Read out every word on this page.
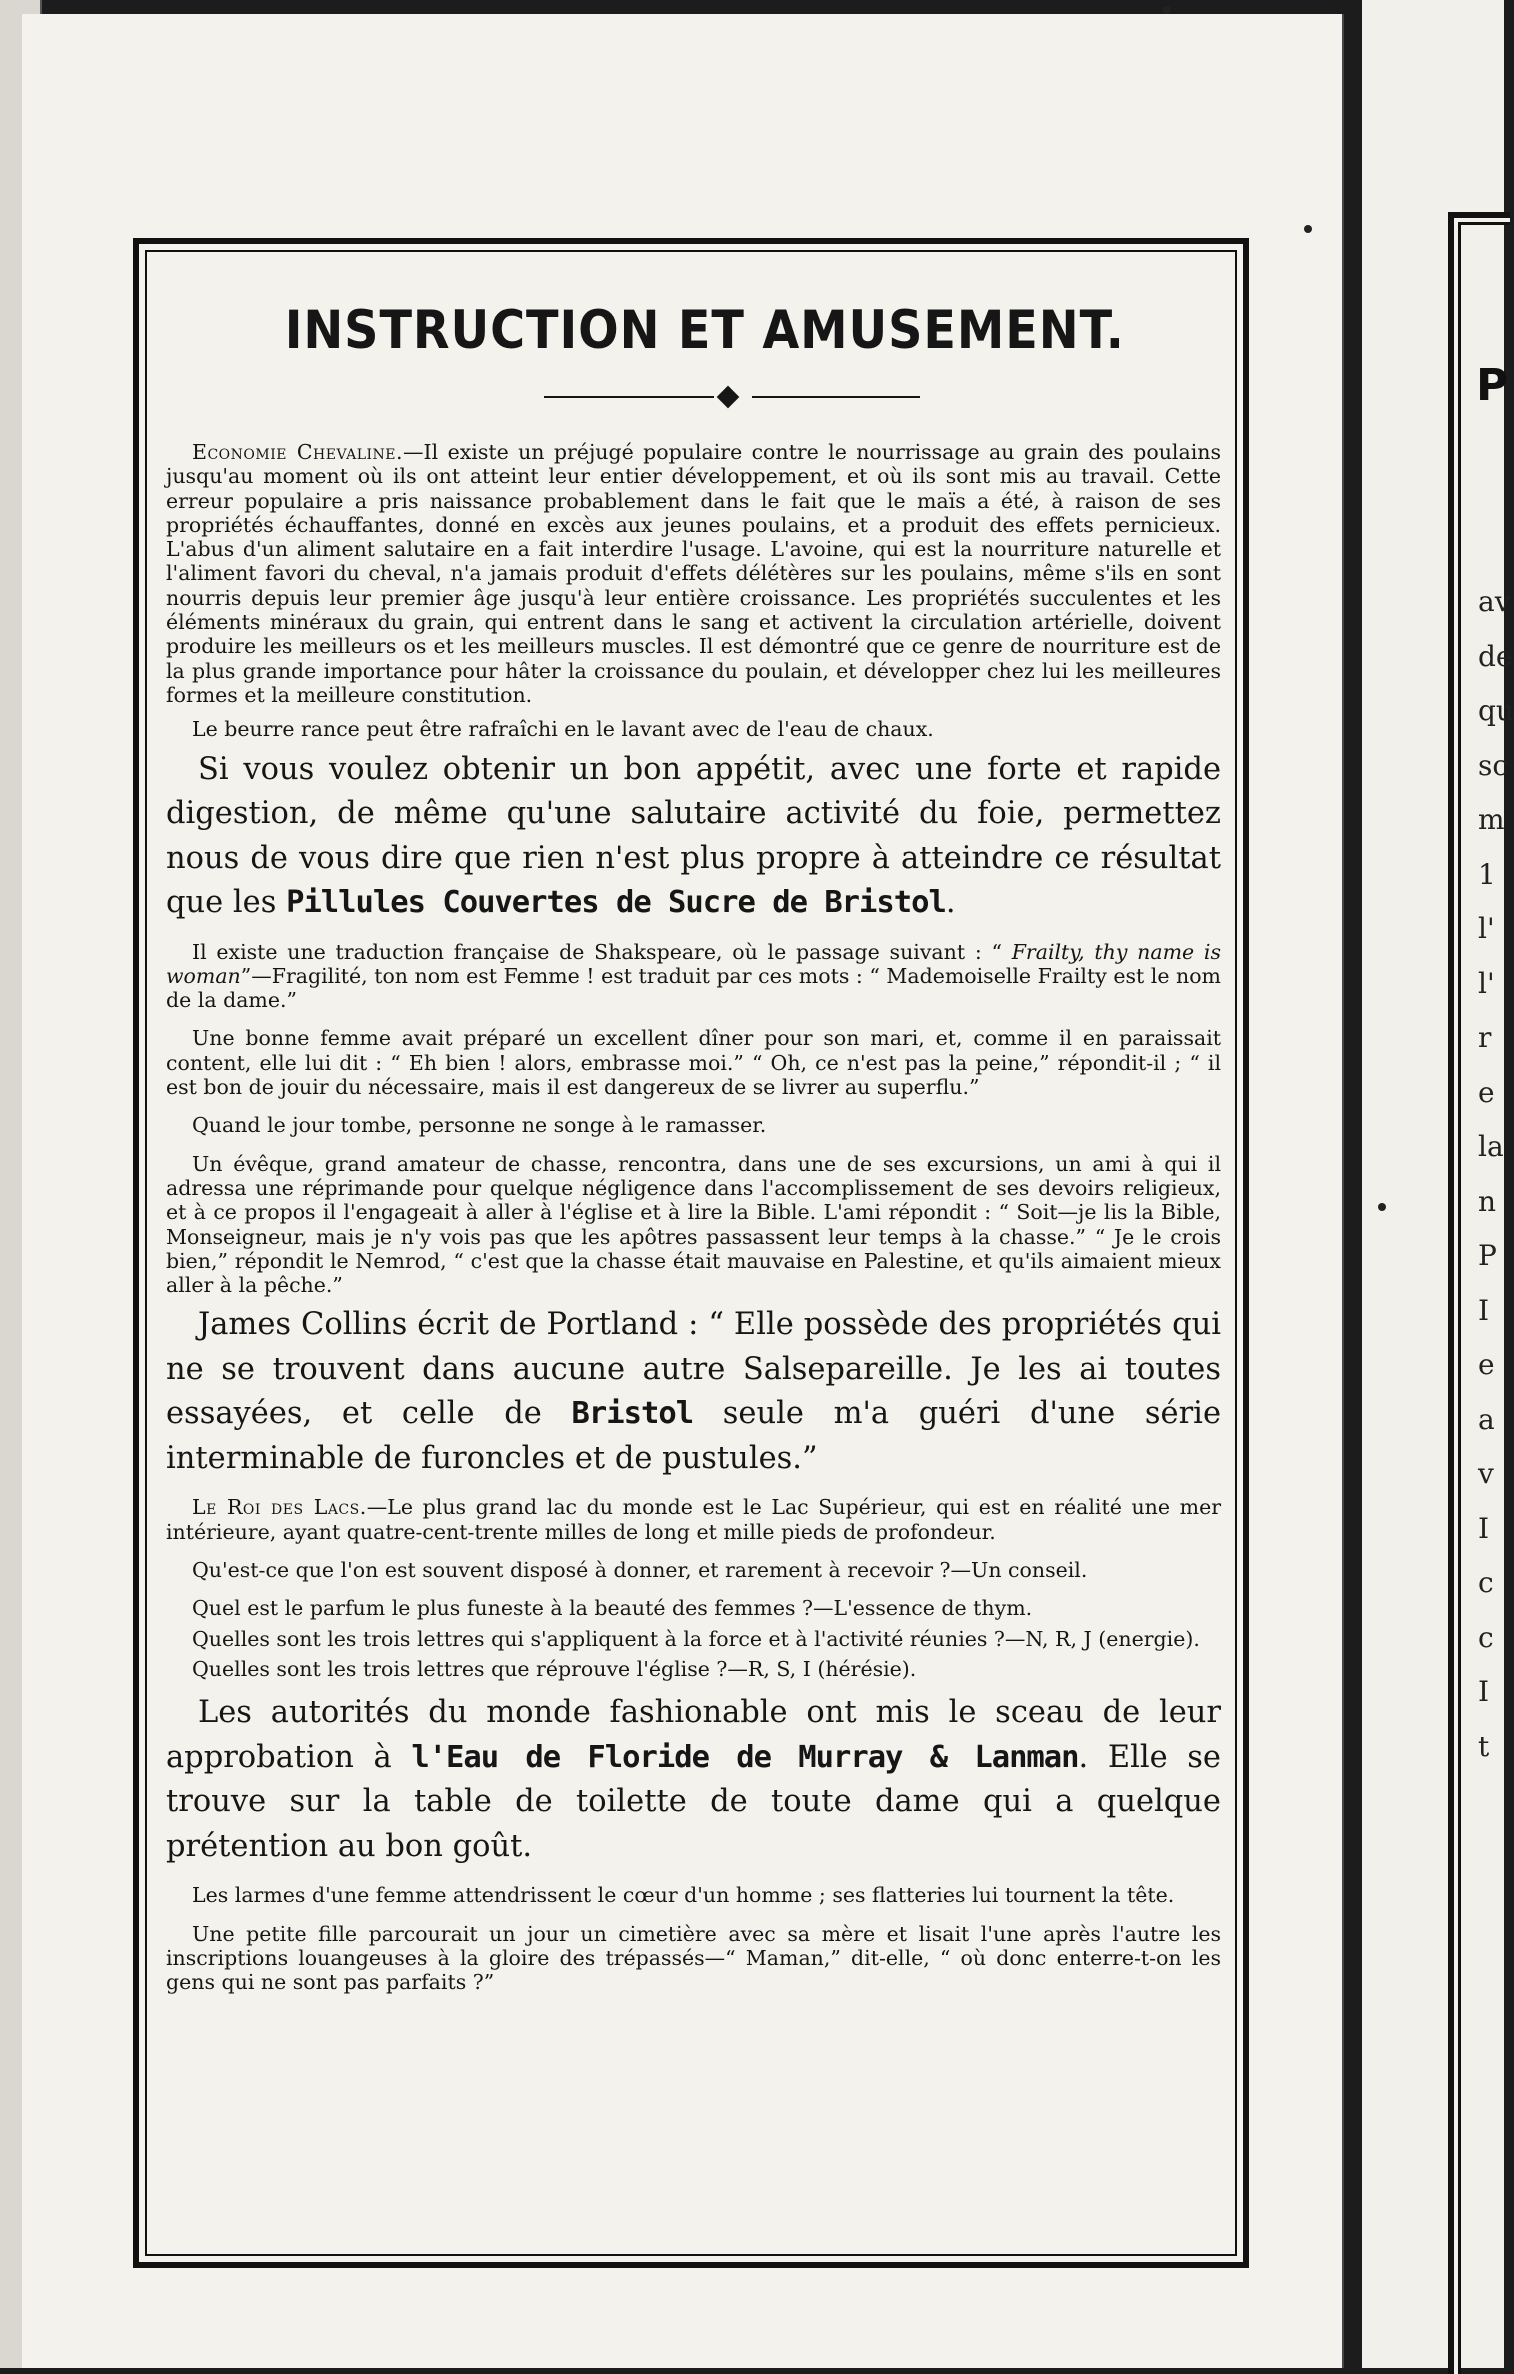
P
av
de
qu
sc
m
1
l'
l'
r
e
la
n
P
I
e
a
v
I
c
c
I
t
INSTRUCTION ET AMUSEMENT.

Economie Chevaline.—Il existe un préjugé populaire contre le nourrissage au grain des poulains jusqu'au moment où ils ont atteint leur entier développement, et où ils sont mis au travail. Cette erreur populaire a pris naissance probablement dans le fait que le maïs a été, à raison de ses propriétés échauffantes, donné en excès aux jeunes poulains, et a produit des effets pernicieux. L'abus d'un aliment salutaire en a fait interdire l'usage. L'avoine, qui est la nourriture naturelle et l'aliment favori du cheval, n'a jamais produit d'effets délétères sur les poulains, même s'ils en sont nourris depuis leur premier âge jusqu'à leur entière croissance. Les propriétés succulentes et les éléments minéraux du grain, qui entrent dans le sang et activent la circulation artérielle, doivent produire les meilleurs os et les meilleurs muscles. Il est démontré que ce genre de nourriture est de la plus grande importance pour hâter la croissance du poulain, et développer chez lui les meilleures formes et la meilleure constitution.

Le beurre rance peut être rafraîchi en le lavant avec de l'eau de chaux.

Si vous voulez obtenir un bon appétit, avec une forte et rapide digestion, de même qu'une salutaire activité du foie, permettez nous de vous dire que rien n'est plus propre à atteindre ce résultat que les Pillules Couvertes de Sucre de Bristol.

Il existe une traduction française de Shakspeare, où le passage suivant : “ Frailty, thy name is woman”—Fragilité, ton nom est Femme ! est traduit par ces mots : “ Mademoiselle Frailty est le nom de la dame.”

Une bonne femme avait préparé un excellent dîner pour son mari, et, comme il en paraissait content, elle lui dit : “ Eh bien ! alors, embrasse moi.” “ Oh, ce n'est pas la peine,” répondit-il ; “ il est bon de jouir du nécessaire, mais il est dangereux de se livrer au superflu.”

Quand le jour tombe, personne ne songe à le ramasser.

Un évêque, grand amateur de chasse, rencontra, dans une de ses excursions, un ami à qui il adressa une réprimande pour quelque négligence dans l'accomplissement de ses devoirs religieux, et à ce propos il l'engageait à aller à l'église et à lire la Bible. L'ami répondit : “ Soit—je lis la Bible, Monseigneur, mais je n'y vois pas que les apôtres passassent leur temps à la chasse.” “ Je le crois bien,” répondit le Nemrod, “ c'est que la chasse était mauvaise en Palestine, et qu'ils aimaient mieux aller à la pêche.”

James Collins écrit de Portland : “ Elle possède des propriétés qui ne se trouvent dans aucune autre Salsepareille. Je les ai toutes essayées, et celle de Bristol seule m'a guéri d'une série interminable de furoncles et de pustules.”

Le Roi des Lacs.—Le plus grand lac du monde est le Lac Supérieur, qui est en réalité une mer intérieure, ayant quatre-cent-trente milles de long et mille pieds de profondeur.

Qu'est-ce que l'on est souvent disposé à donner, et rarement à recevoir ?—Un conseil.

Quel est le parfum le plus funeste à la beauté des femmes ?—L'essence de thym.

Quelles sont les trois lettres qui s'appliquent à la force et à l'activité réunies ?—N, R, J (energie).

Quelles sont les trois lettres que réprouve l'église ?—R, S, I (hérésie).

Les autorités du monde fashionable ont mis le sceau de leur approbation à l'Eau de Floride de Murray & Lanman. Elle se trouve sur la table de toilette de toute dame qui a quelque prétention au bon goût.

Les larmes d'une femme attendrissent le cœur d'un homme ; ses flatteries lui tournent la tête.

Une petite fille parcourait un jour un cimetière avec sa mère et lisait l'une après l'autre les inscriptions louangeuses à la gloire des trépassés—“ Maman,” dit-elle, “ où donc enterre-t-on les gens qui ne sont pas parfaits ?”
